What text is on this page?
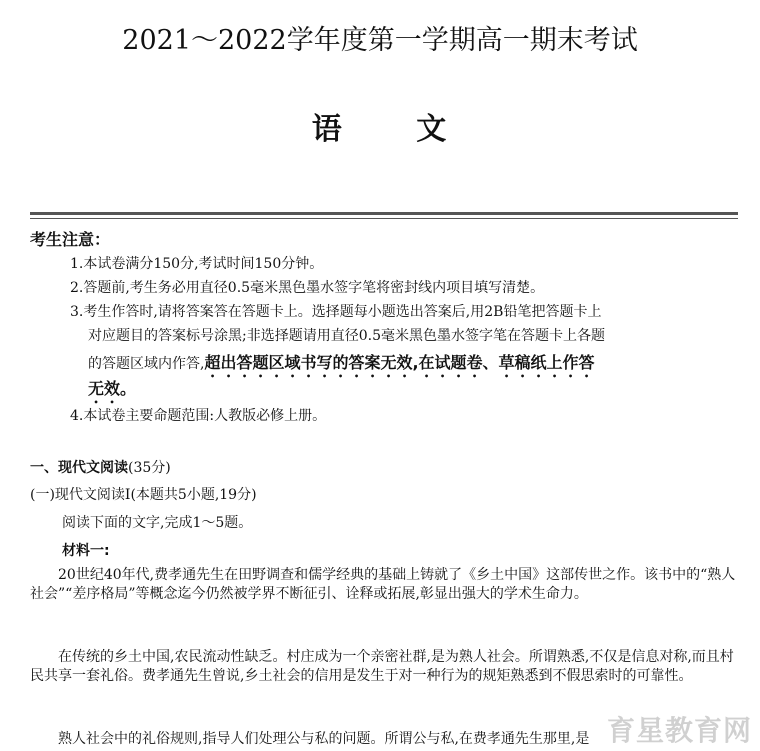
2021～2022学年度第一学期高一期末考试
语 文
考生注意：
1.本试卷满分150分,考试时间150分钟。
2.答题前,考生务必用直径0.5毫米黑色墨水签字笔将密封线内项目填写清楚。
3.考生作答时,请将答案答在答题卡上。选择题每小题选出答案后,用2B铅笔把答题卡上
对应题目的答案标号涂黑;非选择题请用直径0.5毫米黑色墨水签字笔在答题卡上各题
的答题区域内作答,超出答题区域书写的答案无效,在试题卷、草稿纸上作答
无效。
4.本试卷主要命题范围:人教版必修上册。
一、现代文阅读(35分)
(一)现代文阅读Ⅰ(本题共5小题,19分)
阅读下面的文字,完成1～5题。
材料一:
20世纪40年代,费孝通先生在田野调查和儒学经典的基础上铸就了《乡土中国》这部传世之作。该书中的“熟人社会”“差序格局”等概念迄今仍然被学界不断征引、诠释或拓展,彰显出强大的学术生命力。
在传统的乡土中国,农民流动性缺乏。村庄成为一个亲密社群,是为熟人社会。所谓熟悉,不仅是信息对称,而且村民共享一套礼俗。费孝通先生曾说,乡土社会的信用是发生于对一种行为的规矩熟悉到不假思索时的可靠性。
熟人社会中的礼俗规则,指导人们处理公与私的问题。所谓公与私,在费孝通先生那里,是 育星教育网
